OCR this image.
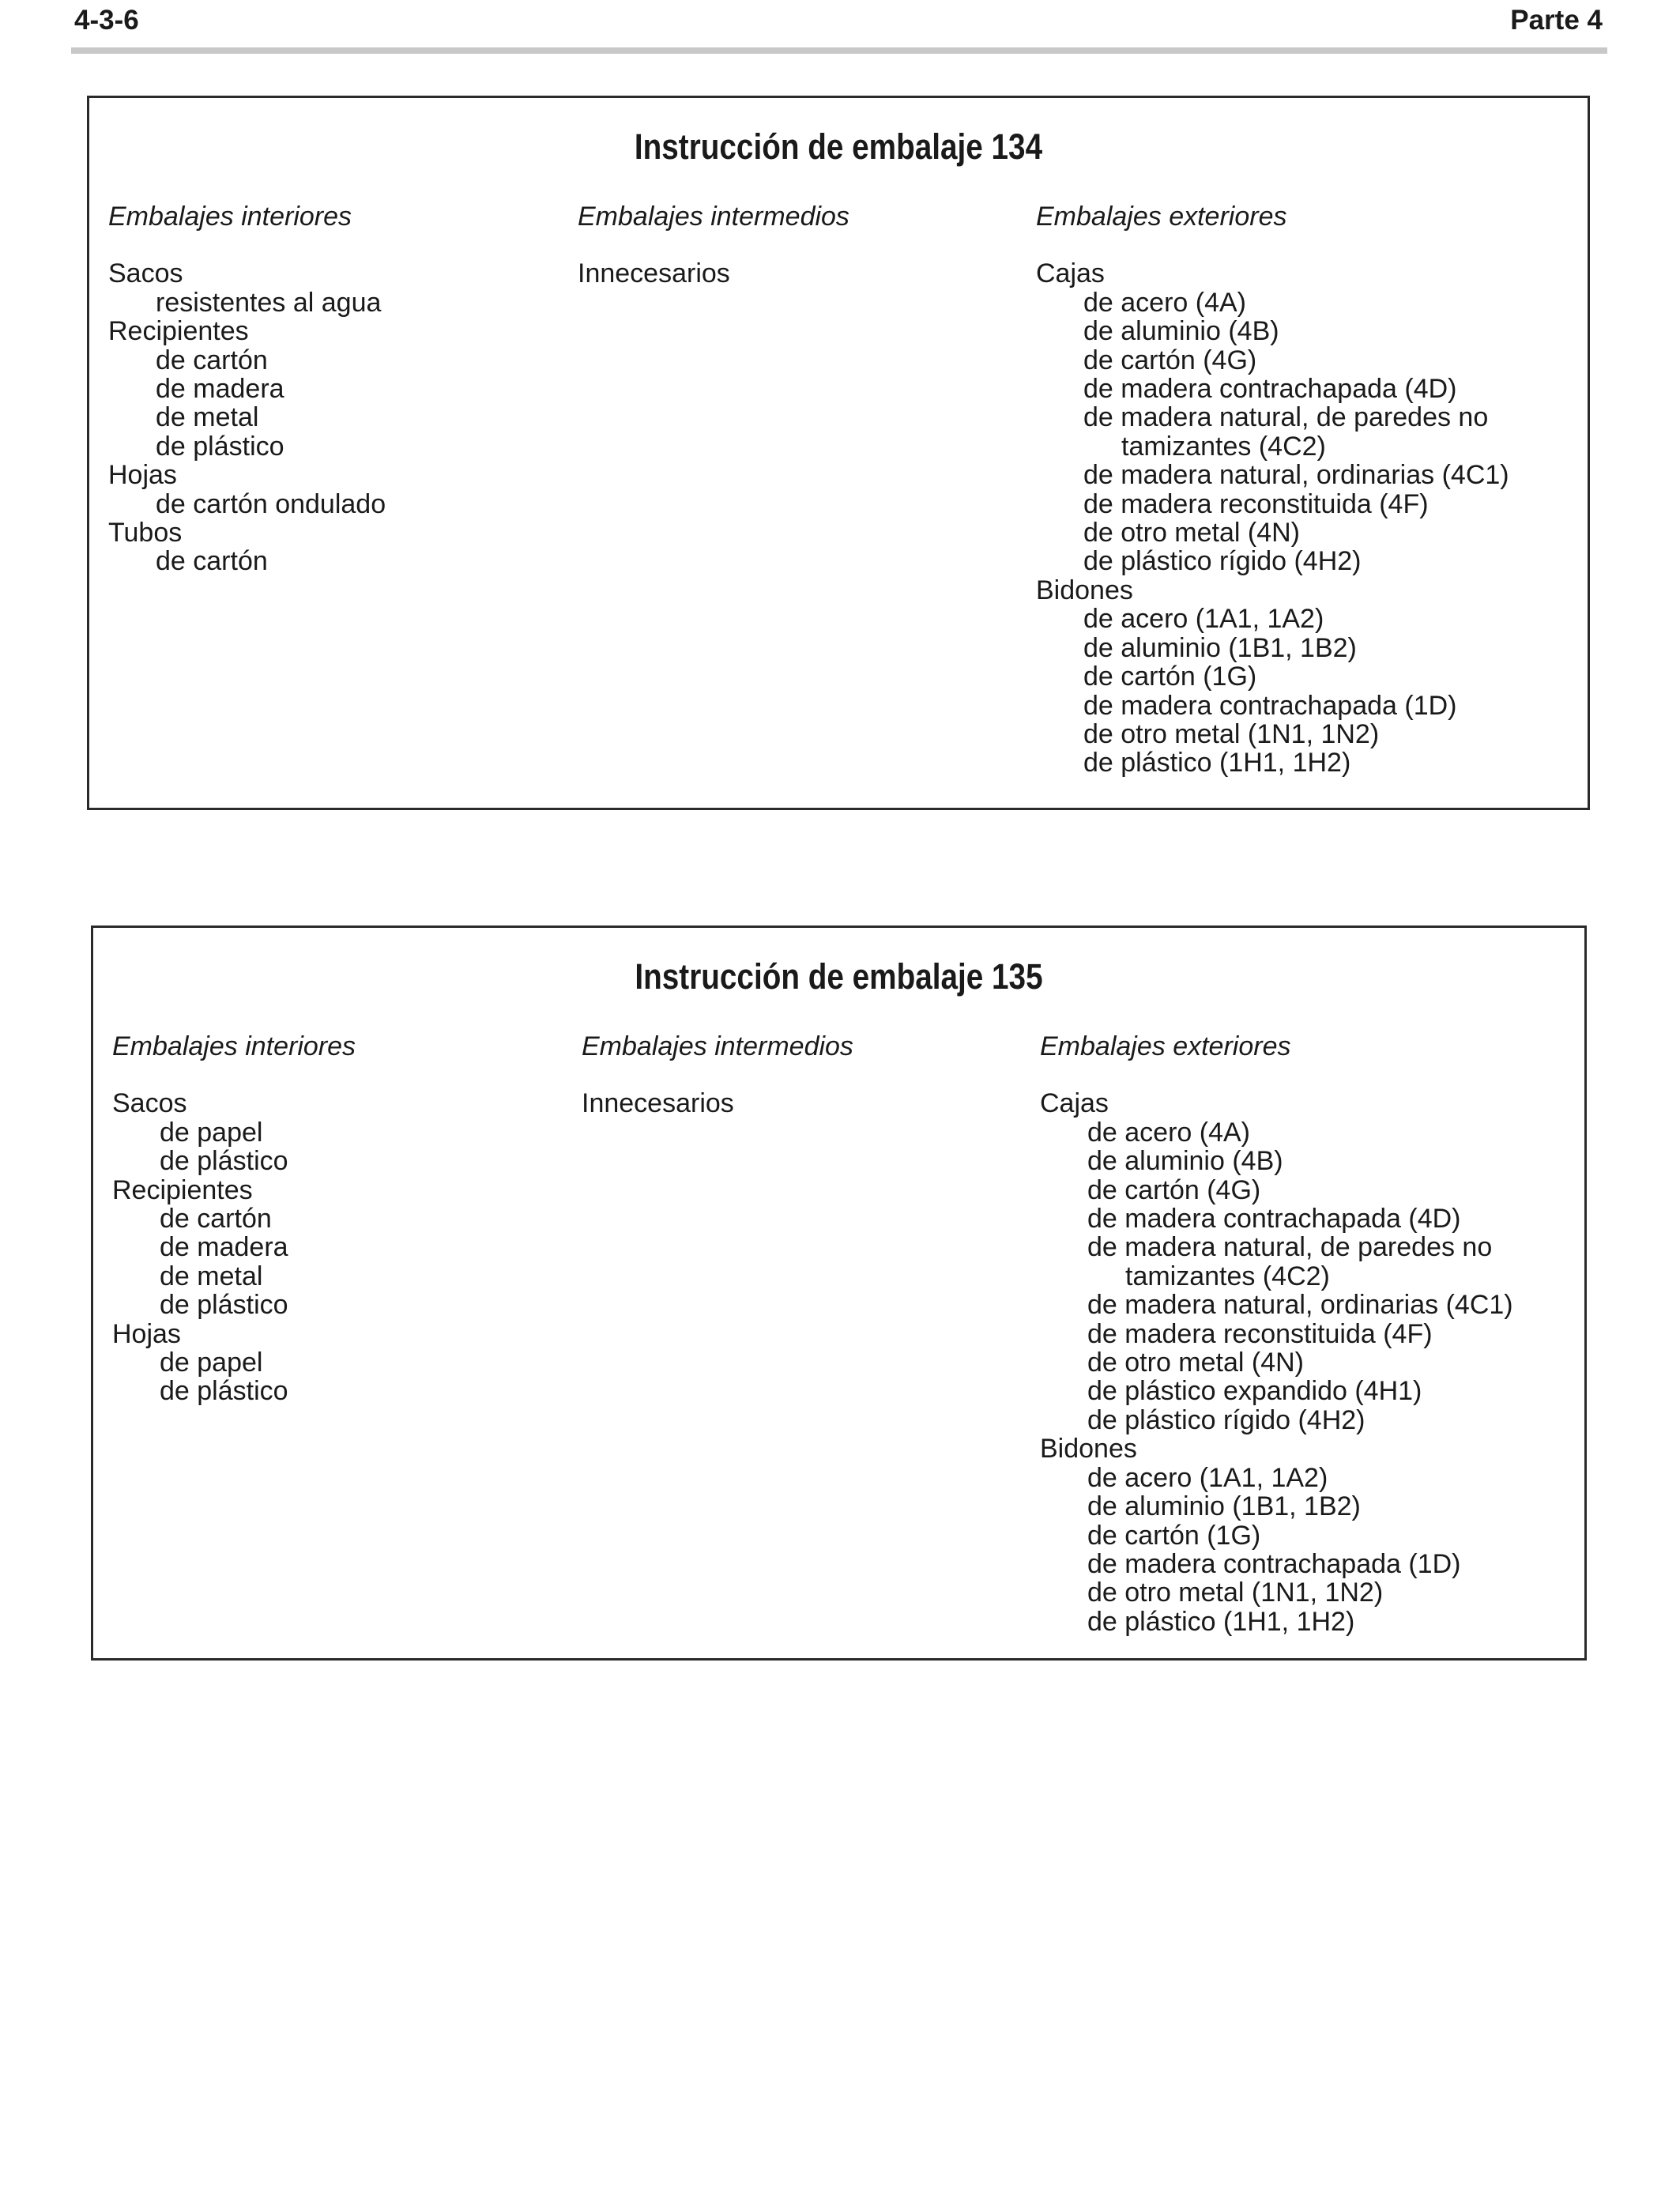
4-3-6	Parte 4
Instrucción de embalaje 134
Embalajes interiores
Sacos
resistentes al agua
Recipientes
de cartón
de madera
de metal
de plástico
Hojas
de cartón ondulado
Tubos
de cartón
Embalajes intermedios
Innecesarios
Embalajes exteriores
Cajas
de acero (4A)
de aluminio (4B)
de cartón (4G)
de madera contrachapada (4D)
de madera natural, de paredes no
tamizantes (4C2)
de madera natural, ordinarias (4C1)
de madera reconstituida (4F)
de otro metal (4N)
de plástico rígido (4H2)
Bidones
de acero (1A1, 1A2)
de aluminio (1B1, 1B2)
de cartón (1G)
de madera contrachapada (1D)
de otro metal (1N1, 1N2)
de plástico (1H1, 1H2)
Instrucción de embalaje 135
Embalajes interiores
Sacos
de papel
de plástico
Recipientes
de cartón
de madera
de metal
de plástico
Hojas
de papel
de plástico
Embalajes intermedios
Innecesarios
Embalajes exteriores
Cajas
de acero (4A)
de aluminio (4B)
de cartón (4G)
de madera contrachapada (4D)
de madera natural, de paredes no
tamizantes (4C2)
de madera natural, ordinarias (4C1)
de madera reconstituida (4F)
de otro metal (4N)
de plástico expandido (4H1)
de plástico rígido (4H2)
Bidones
de acero (1A1, 1A2)
de aluminio (1B1, 1B2)
de cartón (1G)
de madera contrachapada (1D)
de otro metal (1N1, 1N2)
de plástico (1H1, 1H2)
